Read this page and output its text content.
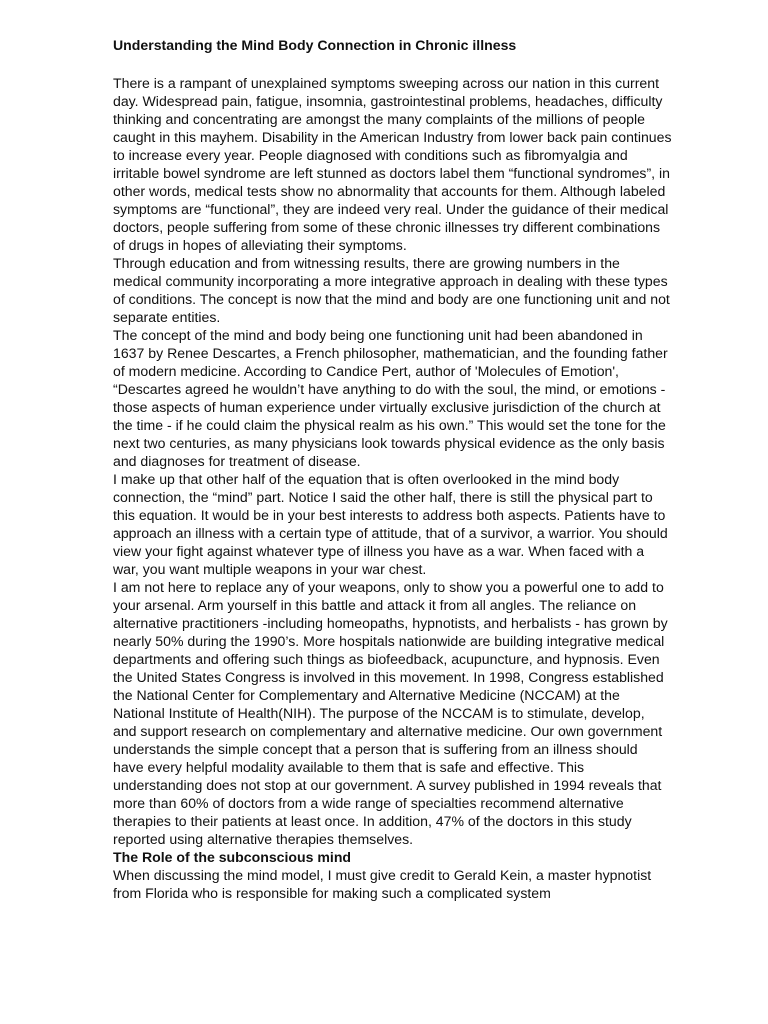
Understanding the Mind Body Connection in Chronic illness

There is a rampant of unexplained symptoms sweeping across our nation in this current day. Widespread pain, fatigue, insomnia, gastrointestinal problems, headaches, difficulty thinking and concentrating are amongst the many complaints of the millions of people caught in this mayhem. Disability in the American Industry from lower back pain continues to increase every year. People diagnosed with conditions such as fibromyalgia and irritable bowel syndrome are left stunned as doctors label them “functional syndromes”, in other words, medical tests show no abnormality that accounts for them. Although labeled symptoms are “functional”, they are indeed very real. Under the guidance of their medical doctors, people suffering from some of these chronic illnesses try different combinations of drugs in hopes of alleviating their symptoms.

Through education and from witnessing results, there are growing numbers in the medical community incorporating a more integrative approach in dealing with these types of conditions. The concept is now that the mind and body are one functioning unit and not separate entities.

The concept of the mind and body being one functioning unit had been abandoned in 1637 by Renee Descartes, a French philosopher, mathematician, and the founding father of modern medicine. According to Candice Pert, author of 'Molecules of Emotion', “Descartes agreed he wouldn’t have anything to do with the soul, the mind, or emotions - those aspects of human experience under virtually exclusive jurisdiction of the church at the time - if he could claim the physical realm as his own.” This would set the tone for the next two centuries, as many physicians look towards physical evidence as the only basis and diagnoses for treatment of disease.

I make up that other half of the equation that is often overlooked in the mind body connection, the “mind” part. Notice I said the other half, there is still the physical part to this equation. It would be in your best interests to address both aspects. Patients have to approach an illness with a certain type of attitude, that of a survivor, a warrior. You should view your fight against whatever type of illness you have as a war. When faced with a war, you want multiple weapons in your war chest.

I am not here to replace any of your weapons, only to show you a powerful one to add to your arsenal. Arm yourself in this battle and attack it from all angles. The reliance on alternative practitioners -including homeopaths, hypnotists, and herbalists - has grown by nearly 50% during the 1990’s. More hospitals nationwide are building integrative medical departments and offering such things as biofeedback, acupuncture, and hypnosis. Even the United States Congress is involved in this movement. In 1998, Congress established the National Center for Complementary and Alternative Medicine (NCCAM) at the National Institute of Health(NIH). The purpose of the NCCAM is to stimulate, develop, and support research on complementary and alternative medicine. Our own government understands the simple concept that a person that is suffering from an illness should have every helpful modality available to them that is safe and effective. This understanding does not stop at our government. A survey published in 1994 reveals that more than 60% of doctors from a wide range of specialties recommend alternative therapies to their patients at least once. In addition, 47% of the doctors in this study reported using alternative therapies themselves.

The Role of the subconscious mind

When discussing the mind model, I must give credit to Gerald Kein, a master hypnotist from Florida who is responsible for making such a complicated system
